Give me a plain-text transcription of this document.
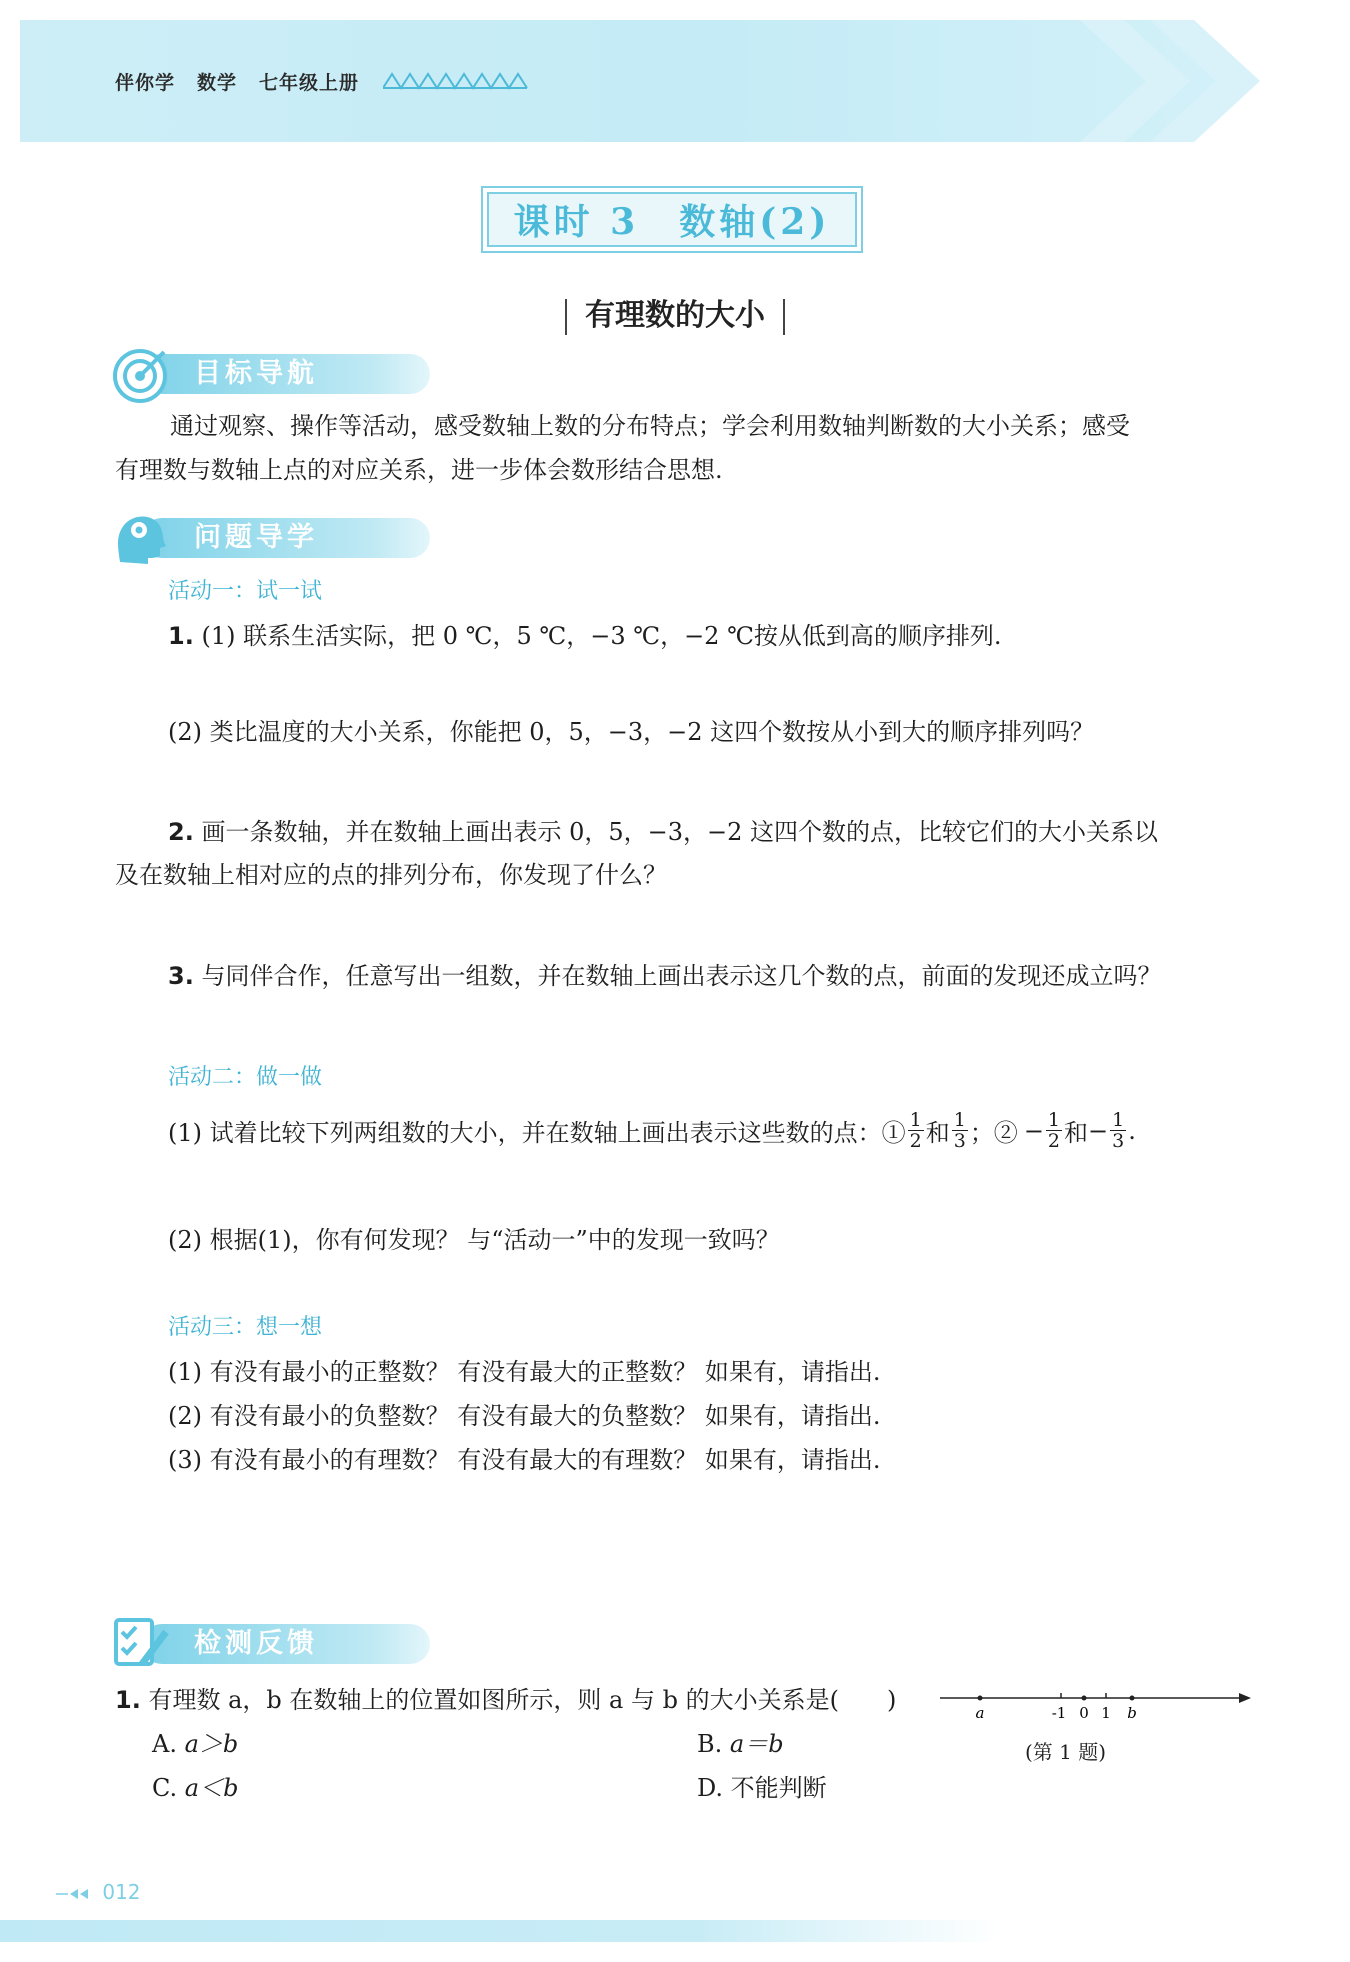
伴你学 数学 七年级上册
课时 3 数轴(2)
有理数的大小
目标导航
通过观察、操作等活动，感受数轴上数的分布特点；学会利用数轴判断数的大小关系；感受
有理数与数轴上点的对应关系，进一步体会数形结合思想.
问题导学
活动一：试一试
1. (1) 联系生活实际，把 0 ℃，5 ℃，−3 ℃，−2 ℃按从低到高的顺序排列.
(2) 类比温度的大小关系，你能把 0，5，−3，−2 这四个数按从小到大的顺序排列吗？
2. 画一条数轴，并在数轴上画出表示 0，5，−3，−2 这四个数的点，比较它们的大小关系以
及在数轴上相对应的点的排列分布，你发现了什么？
3. 与同伴合作，任意写出一组数，并在数轴上画出表示这几个数的点，前面的发现还成立吗？
活动二：做一做
(1) 试着比较下列两组数的大小，并在数轴上画出表示这些数的点：① $\frac{1}{2}$ 和 $\frac{1}{3}$ ；② − $\frac{1}{2}$ 和 − $\frac{1}{3}$ .
(2) 根据(1)，你有何发现？ 与“活动一”中的发现一致吗？
活动三：想一想
(1) 有没有最小的正整数？ 有没有最大的正整数？ 如果有，请指出.
(2) 有没有最小的负整数？ 有没有最大的负整数？ 如果有，请指出.
(3) 有没有最小的有理数？ 有没有最大的有理数？ 如果有，请指出.
检测反馈
1. 有理数 a，b 在数轴上的位置如图所示，则 a 与 b 的大小关系是(　　)
A. a＞b	B. a＝b
C. a＜b	D. 不能判断
a	-1 0 1 b
(第 1 题)
012
